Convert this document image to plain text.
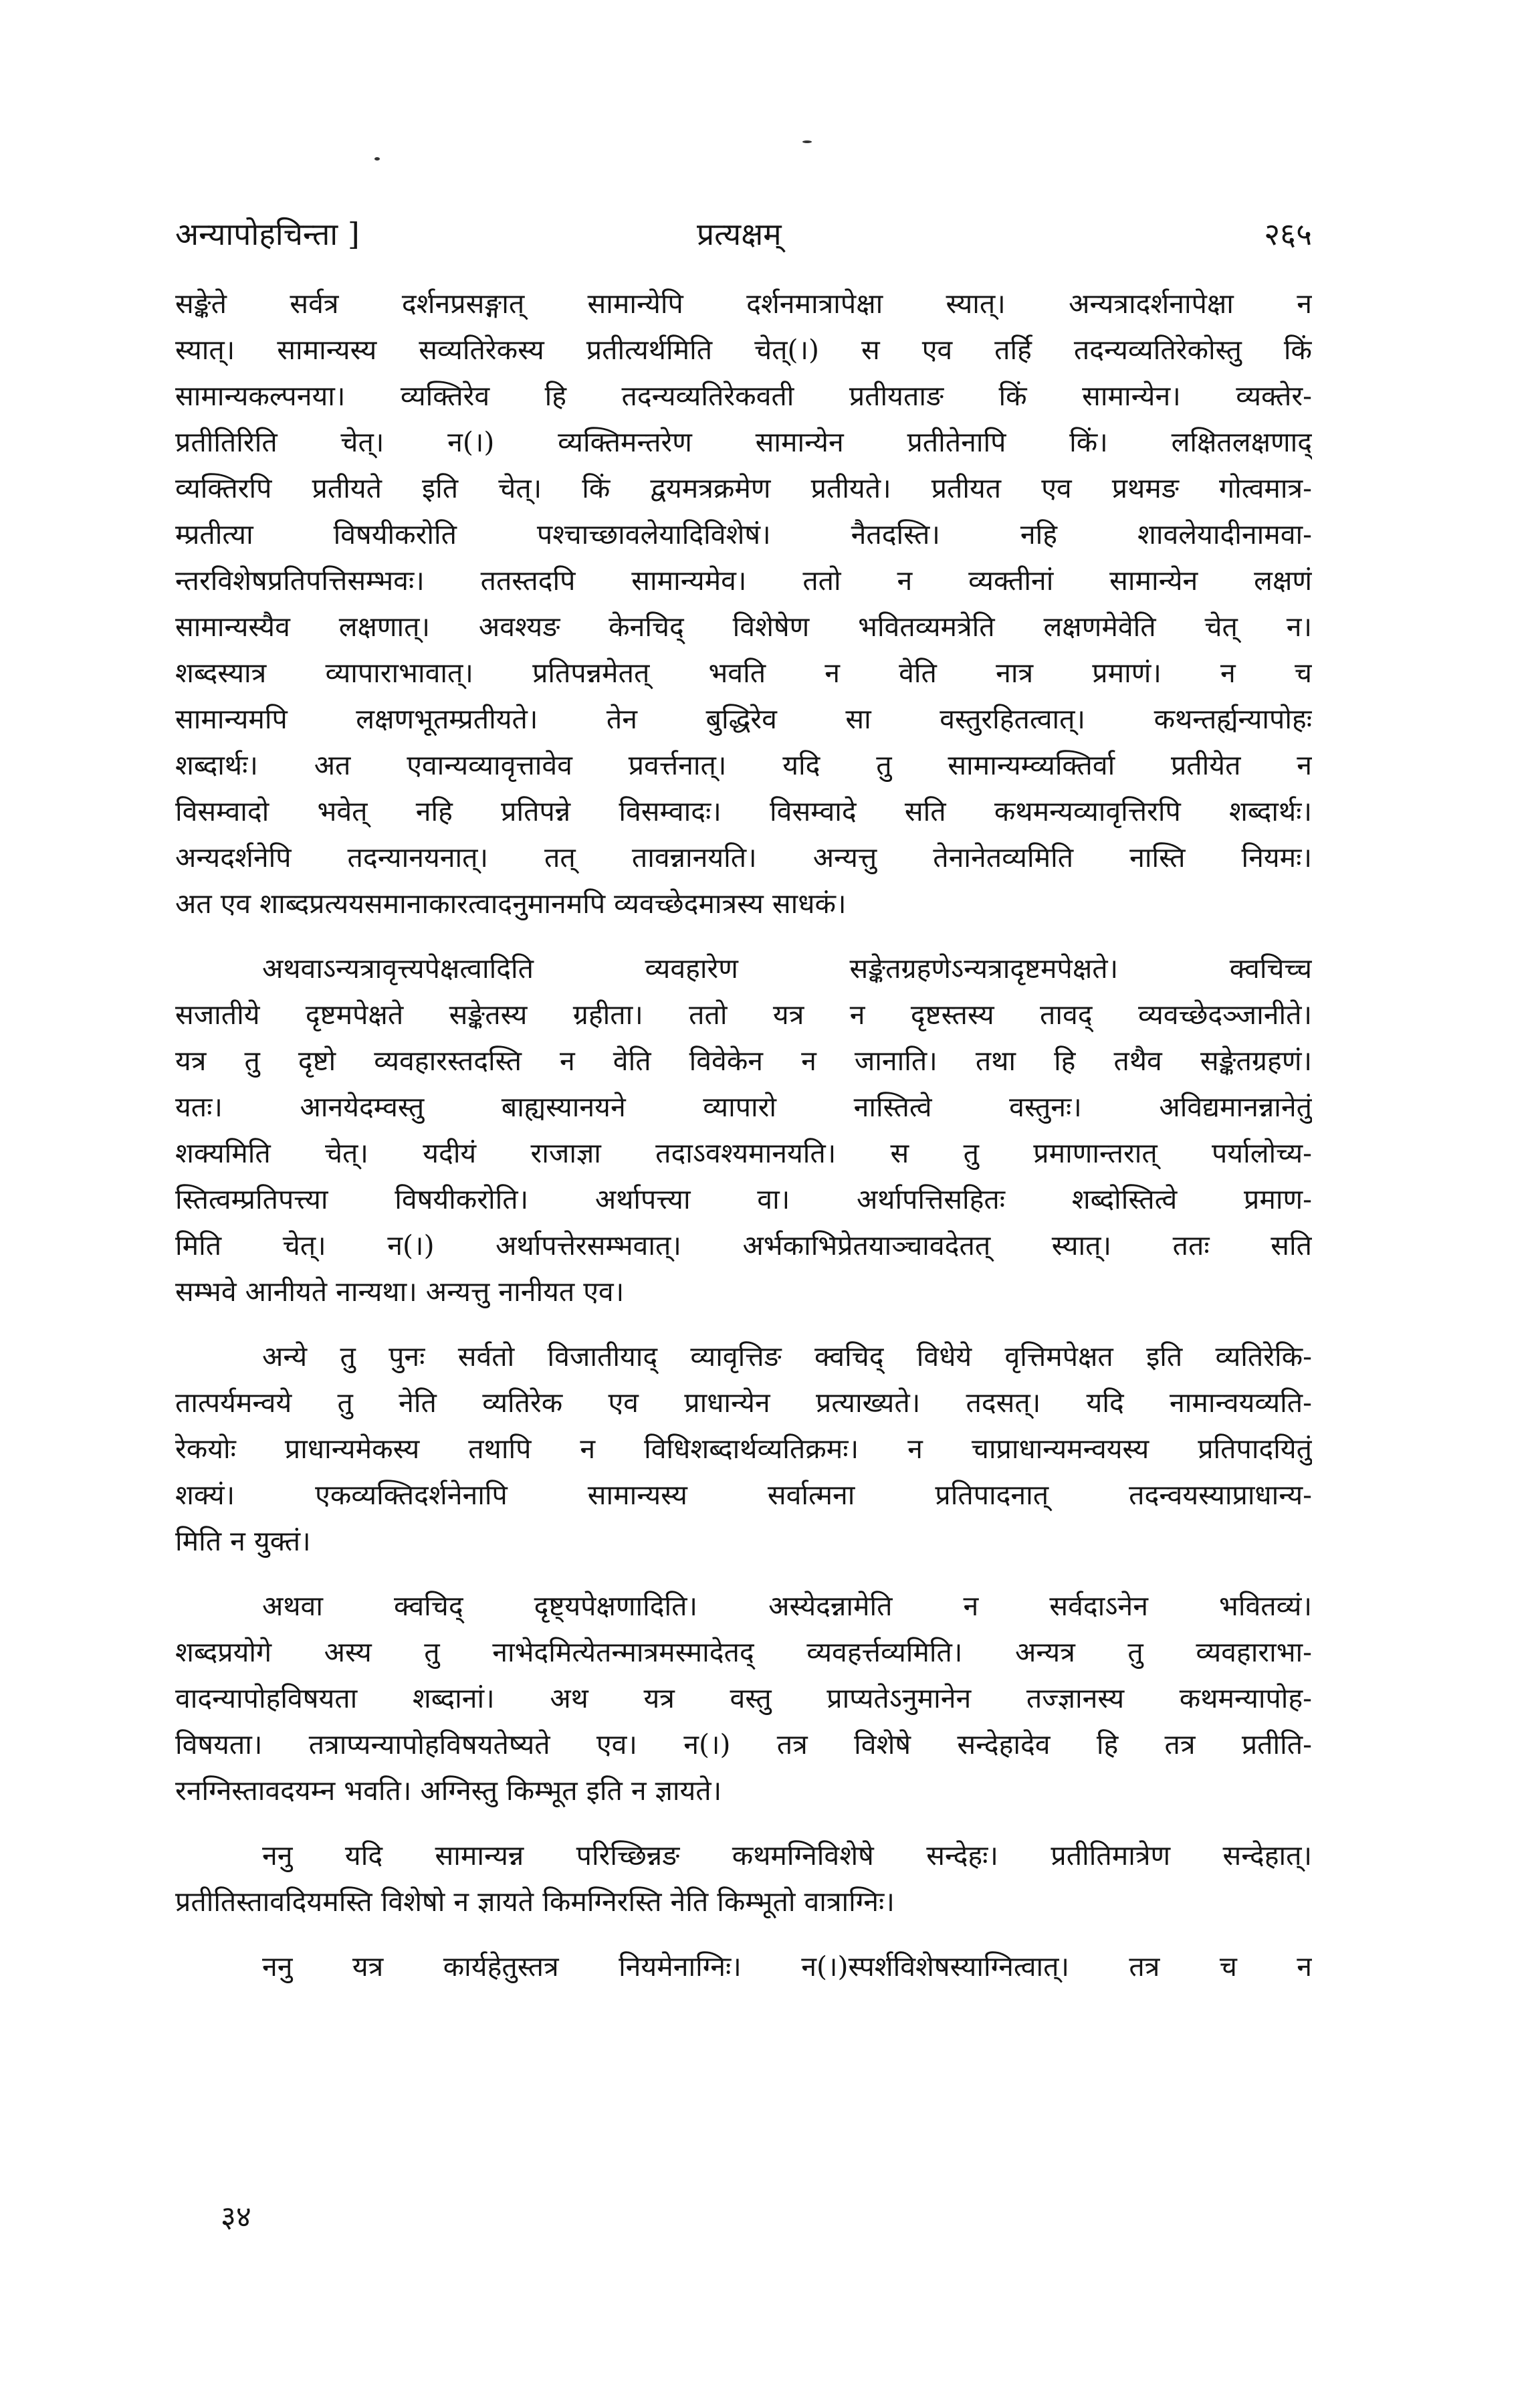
अन्यापोहचिन्ता ]	प्रत्यक्षम्	२६५

सङ्केते सर्वत्र दर्शनप्रसङ्गात् सामान्येपि दर्शनमात्रापेक्षा स्यात्। अन्यत्रादर्शनापेक्षा न

स्यात्। सामान्यस्य सव्यतिरेकस्य प्रतीत्यर्थमिति चेत्(।) स एव तर्हि तदन्यव्यतिरेकोस्तु किं

सामान्यकल्पनया। व्यक्तिरेव हि तदन्यव्यतिरेकवती प्रतीयताङ किं सामान्येन। व्यक्तेर-

प्रतीतिरिति चेत्। न(।) व्यक्तिमन्तरेण सामान्येन प्रतीतेनापि किं। लक्षितलक्षणाद्

व्यक्तिरपि प्रतीयते इति चेत्। किं द्वयमत्रक्रमेण प्रतीयते। प्रतीयत एव प्रथमङ गोत्वमात्र-

म्प्रतीत्या विषयीकरोति पश्चाच्छावलेयादिविशेषं। नैतदस्ति। नहि शावलेयादीनामवा-

न्तरविशेषप्रतिपत्तिसम्भवः। ततस्तदपि सामान्यमेव। ततो न व्यक्तीनां सामान्येन लक्षणं

सामान्यस्यैव लक्षणात्। अवश्यङ केनचिद् विशेषेण भवितव्यमत्रेति लक्षणमेवेति चेत् न।

शब्दस्यात्र व्यापाराभावात्। प्रतिपन्नमेतत् भवति न वेति नात्र प्रमाणं। न च

सामान्यमपि लक्षणभूतम्प्रतीयते। तेन बुद्धिरेव सा वस्तुरहितत्वात्। कथन्तर्ह्यन्यापोहः

शब्दार्थः। अत एवान्यव्यावृत्तावेव प्रवर्त्तनात्। यदि तु सामान्यम्व्यक्तिर्वा प्रतीयेत न

विसम्वादो भवेत् नहि प्रतिपन्ने विसम्वादः। विसम्वादे सति कथमन्यव्यावृत्तिरपि शब्दार्थः।

अन्यदर्शनेपि तदन्यानयनात्। तत् तावन्नानयति। अन्यत्तु तेनानेतव्यमिति नास्ति नियमः।

अत एव शाब्दप्रत्ययसमानाकारत्वादनुमानमपि व्यवच्छेदमात्रस्य साधकं।

अथवाऽन्यत्रावृत्त्यपेक्षत्वादिति व्यवहारेण सङ्केतग्रहणेऽन्यत्रादृष्टमपेक्षते। क्वचिच्च

सजातीये दृष्टमपेक्षते सङ्केतस्य ग्रहीता। ततो यत्र न दृष्टस्तस्य तावद् व्यवच्छेदञ्जानीते।

यत्र तु दृष्टो व्यवहारस्तदस्ति न वेति विवेकेन न जानाति। तथा हि तथैव सङ्केतग्रहणं।

यतः। आनयेदम्वस्तु बाह्यस्यानयने व्यापारो नास्तित्वे वस्तुनः। अविद्यमानन्नानेतुं

शक्यमिति चेत्। यदीयं राजाज्ञा तदाऽवश्यमानयति। स तु प्रमाणान्तरात् पर्यालोच्य-

स्तित्वम्प्रतिपत्त्या विषयीकरोति। अर्थापत्त्या वा। अर्थापत्तिसहितः शब्दोस्तित्वे प्रमाण-

मिति चेत्। न(।) अर्थापत्तेरसम्भवात्। अर्भकाभिप्रेतयाञ्चावदेतत् स्यात्। ततः सति

सम्भवे आनीयते नान्यथा। अन्यत्तु नानीयत एव।

अन्ये तु पुनः सर्वतो विजातीयाद् व्यावृत्तिङ क्वचिद् विधेये वृत्तिमपेक्षत इति व्यतिरेकि-

तात्पर्यमन्वये तु नेति व्यतिरेक एव प्राधान्येन प्रत्याख्यते। तदसत्। यदि नामान्वयव्यति-

रेकयोः प्राधान्यमेकस्य तथापि न विधिशब्दार्थव्यतिक्रमः। न चाप्राधान्यमन्वयस्य प्रतिपादयितुं

शक्यं। एकव्यक्तिदर्शनेनापि सामान्यस्य सर्वात्मना प्रतिपादनात् तदन्वयस्याप्राधान्य-

मिति न युक्तं।

अथवा क्वचिद् दृष्ट्यपेक्षणादिति। अस्येदन्नामेति न सर्वदाऽनेन भवितव्यं।

शब्दप्रयोगे अस्य तु नाभेदमित्येतन्मात्रमस्मादेतद् व्यवहर्त्तव्यमिति। अन्यत्र तु व्यवहाराभा-

वादन्यापोहविषयता शब्दानां। अथ यत्र वस्तु प्राप्यतेऽनुमानेन तज्ज्ञानस्य कथमन्यापोह-

विषयता। तत्राप्यन्यापोहविषयतेष्यते एव। न(।) तत्र विशेषे सन्देहादेव हि तत्र प्रतीति-

रनग्निस्तावदयम्न भवति। अग्निस्तु किम्भूत इति न ज्ञायते।

ननु यदि सामान्यन्न परिच्छिन्नङ कथमग्निविशेषे सन्देहः। प्रतीतिमात्रेण सन्देहात्।

प्रतीतिस्तावदियमस्ति विशेषो न ज्ञायते किमग्निरस्ति नेति किम्भूतो वात्राग्निः।

ननु यत्र कार्यहेतुस्तत्र नियमेनाग्निः। न(।)स्पर्शविशेषस्याग्नित्वात्। तत्र च न

३४
